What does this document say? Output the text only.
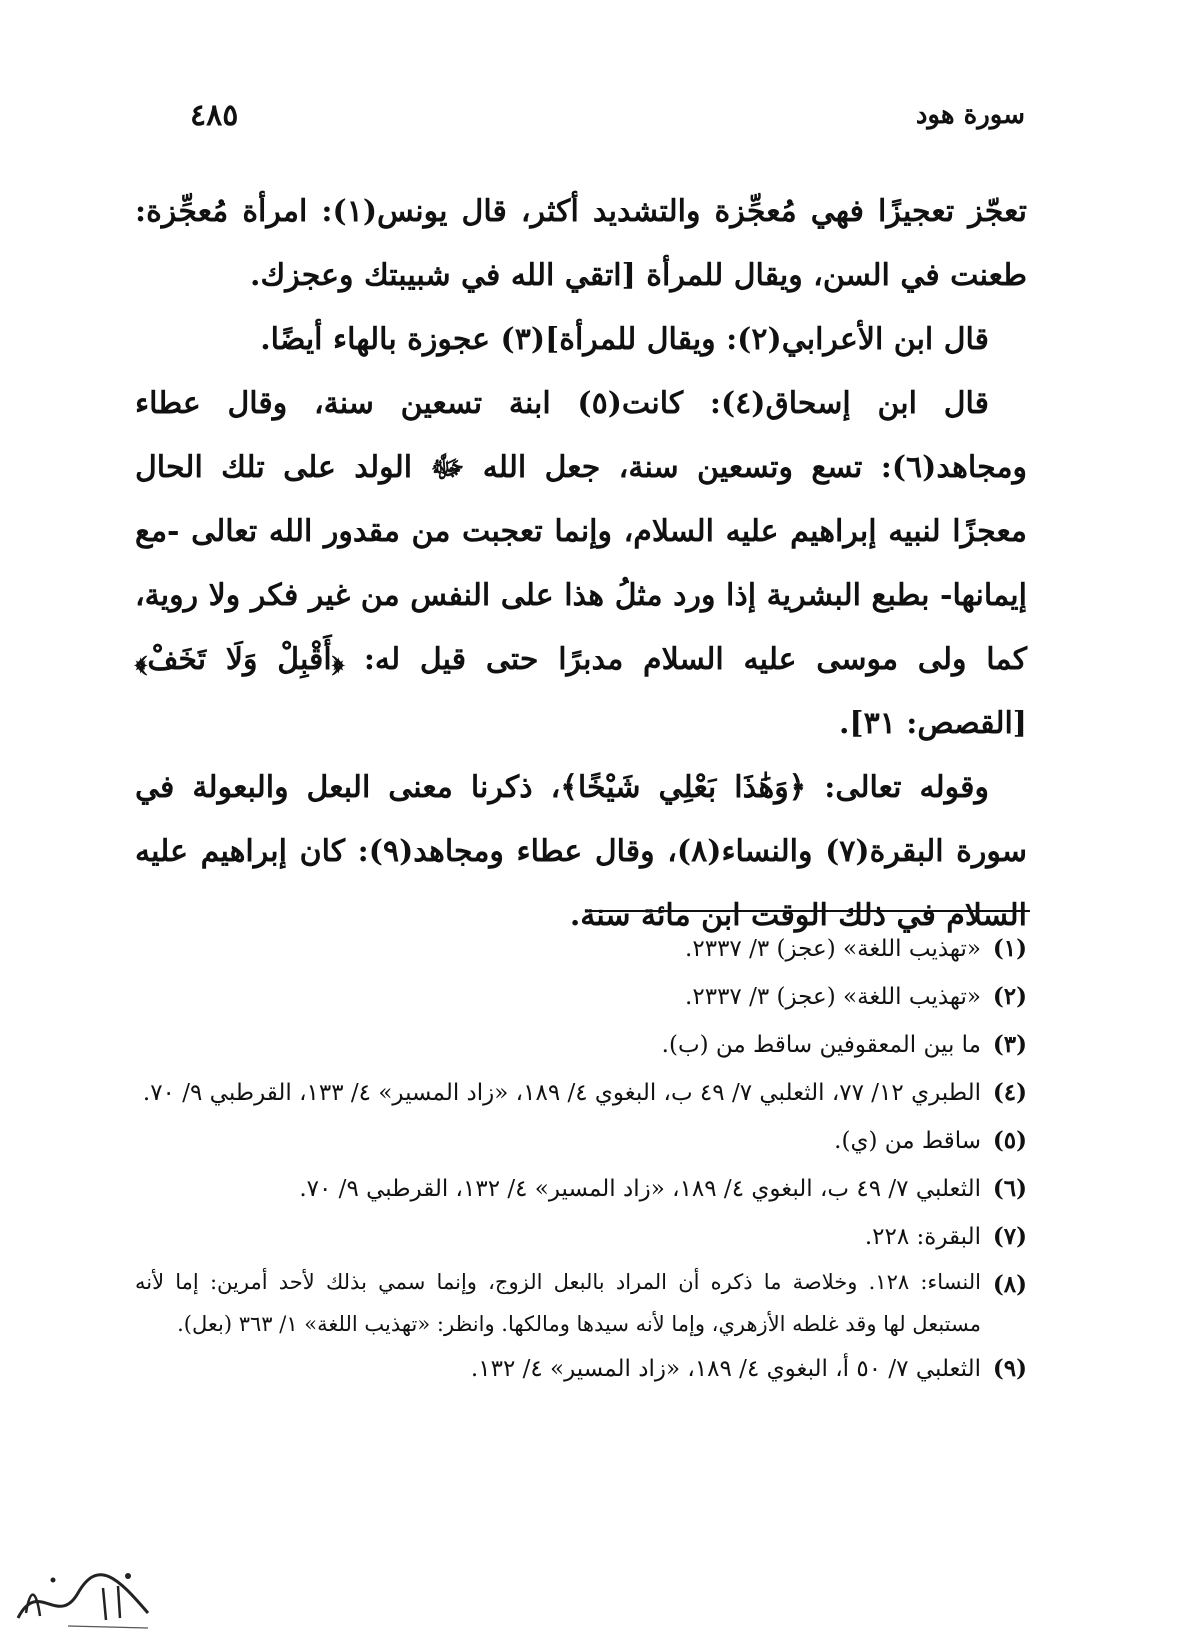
سورة هود
٤٨٥

تعجّز تعجيزًا فهي مُعجِّزة والتشديد أكثر، قال يونس(١): امرأة مُعجِّزة: طعنت في السن، ويقال للمرأة [اتقي الله في شبيبتك وعجزك.

قال ابن الأعرابي(٢): ويقال للمرأة](٣) عجوزة بالهاء أيضًا.

قال ابن إسحاق(٤): كانت(٥) ابنة تسعين سنة، وقال عطاء ومجاهد(٦): تسع وتسعين سنة، جعل الله ﷻ الولد على تلك الحال معجزًا لنبيه إبراهيم عليه السلام، وإنما تعجبت من مقدور الله تعالى -مع إيمانها- بطبع البشرية إذا ورد مثلُ هذا على النفس من غير فكر ولا روية، كما ولى موسى عليه السلام مدبرًا حتى قيل له: ﴿أَقْبِلْ وَلَا تَخَفْ﴾ [القصص: ٣١].

وقوله تعالى: ﴿وَهَٰذَا بَعْلِي شَيْخًا﴾، ذكرنا معنى البعل والبعولة في سورة البقرة(٧) والنساء(٨)، وقال عطاء ومجاهد(٩): كان إبراهيم عليه السلام في ذلك الوقت ابن مائة سنة.

(١)
«تهذيب اللغة» (عجز) ٣/ ٢٣٣٧.
(٢)
«تهذيب اللغة» (عجز) ٣/ ٢٣٣٧.
(٣)
ما بين المعقوفين ساقط من (ب).
(٤)
الطبري ١٢/ ٧٧، الثعلبي ٧/ ٤٩ ب، البغوي ٤/ ١٨٩، «زاد المسير» ٤/ ١٣٣، القرطبي ٩/ ٧٠.
(٥)
ساقط من (ي).
(٦)
الثعلبي ٧/ ٤٩ ب، البغوي ٤/ ١٨٩، «زاد المسير» ٤/ ١٣٢، القرطبي ٩/ ٧٠.
(٧)
البقرة: ٢٢٨.
(٨)
النساء: ١٢٨. وخلاصة ما ذكره أن المراد بالبعل الزوج، وإنما سمي بذلك لأحد أمرين: إما لأنه مستبعل لها وقد غلطه الأزهري، وإما لأنه سيدها ومالكها. وانظر: «تهذيب اللغة» ١/ ٣٦٣ (بعل).
(٩)
الثعلبي ٧/ ٥٠ أ، البغوي ٤/ ١٨٩، «زاد المسير» ٤/ ١٣٢.
